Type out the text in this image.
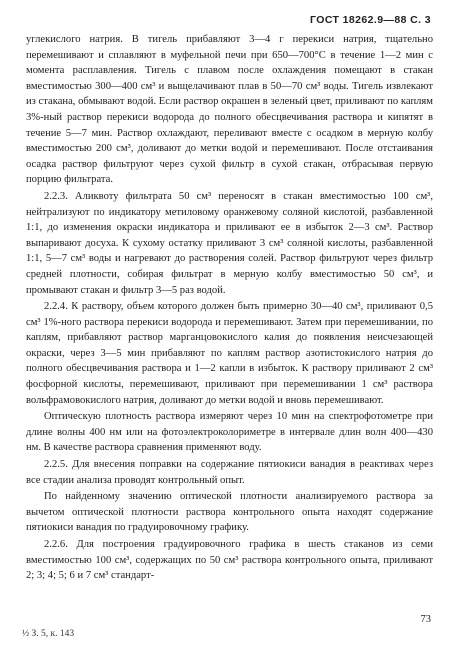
ГОСТ 18262.9—88 С. 3

углекислого натрия. В тигель прибавляют 3—4 г перекиси натрия, тщательно перемешивают и сплавляют в муфельной печи при 650—700°С в течение 1—2 мин с момента расплавления. Тигель с плавом после охлаждения помещают в стакан вместимостью 300—400 см³ и выщелачивают плав в 50—70 см³ воды. Тигель извлекают из стакана, обмывают водой. Если раствор окрашен в зеленый цвет, приливают по каплям 3%-ный раствор перекиси водорода до полного обесцвечивания раствора и кипятят в течение 5—7 мин. Раствор охлаждают, переливают вместе с осадком в мерную колбу вместимостью 200 см³, доливают до метки водой и перемешивают. После отстаивания осадка раствор фильтруют через сухой фильтр в сухой стакан, отбрасывая первую порцию фильтрата.

2.2.3. Аликвоту фильтрата 50 см³ переносят в стакан вместимостью 100 см³, нейтрализуют по индикатору метиловому оранжевому соляной кислотой, разбавленной 1:1, до изменения окраски индикатора и приливают ее в избыток 2—3 см³. Раствор выпаривают досуха. К сухому остатку приливают 3 см³ соляной кислоты, разбавленной 1:1, 5—7 см³ воды и нагревают до растворения солей. Раствор фильтруют через фильтр средней плотности, собирая фильтрат в мерную колбу вместимостью 50 см³, и промывают стакан и фильтр 3—5 раз водой.

2.2.4. К раствору, объем которого должен быть примерно 30—40 см³, приливают 0,5 см³ 1%-ного раствора перекиси водорода и перемешивают. Затем при перемешивании, по каплям, прибавляют раствор марганцовокислого калия до появления неисчезающей окраски, через 3—5 мин прибавляют по каплям раствор азотистокислого натрия до полного обесцвечивания раствора и 1—2 капли в избыток. К раствору приливают 2 см³ фосфорной кислоты, перемешивают, приливают при перемешивании 1 см³ раствора вольфрамовокислого натрия, доливают до метки водой и вновь перемешивают.

Оптическую плотность раствора измеряют через 10 мин на спектрофотометре при длине волны 400 нм или на фотоэлектроколориметре в интервале длин волн 400—430 нм. В качестве раствора сравнения применяют воду.

2.2.5. Для внесения поправки на содержание пятиокиси ванадия в реактивах через все стадии анализа проводят контрольный опыт.

По найденному значению оптической плотности анализируемого раствора за вычетом оптической плотности раствора контрольного опыта находят содержание пятиокиси ванадия по градуировочному графику.

2.2.6. Для построения градуировочного графика в шесть стаканов из семи вместимостью 100 см³, содержащих по 50 см³ раствора контрольного опыта, приливают 2; 3; 4; 5; 6 и 7 см³ стандарт-

73
½ З. 5, к. 143
